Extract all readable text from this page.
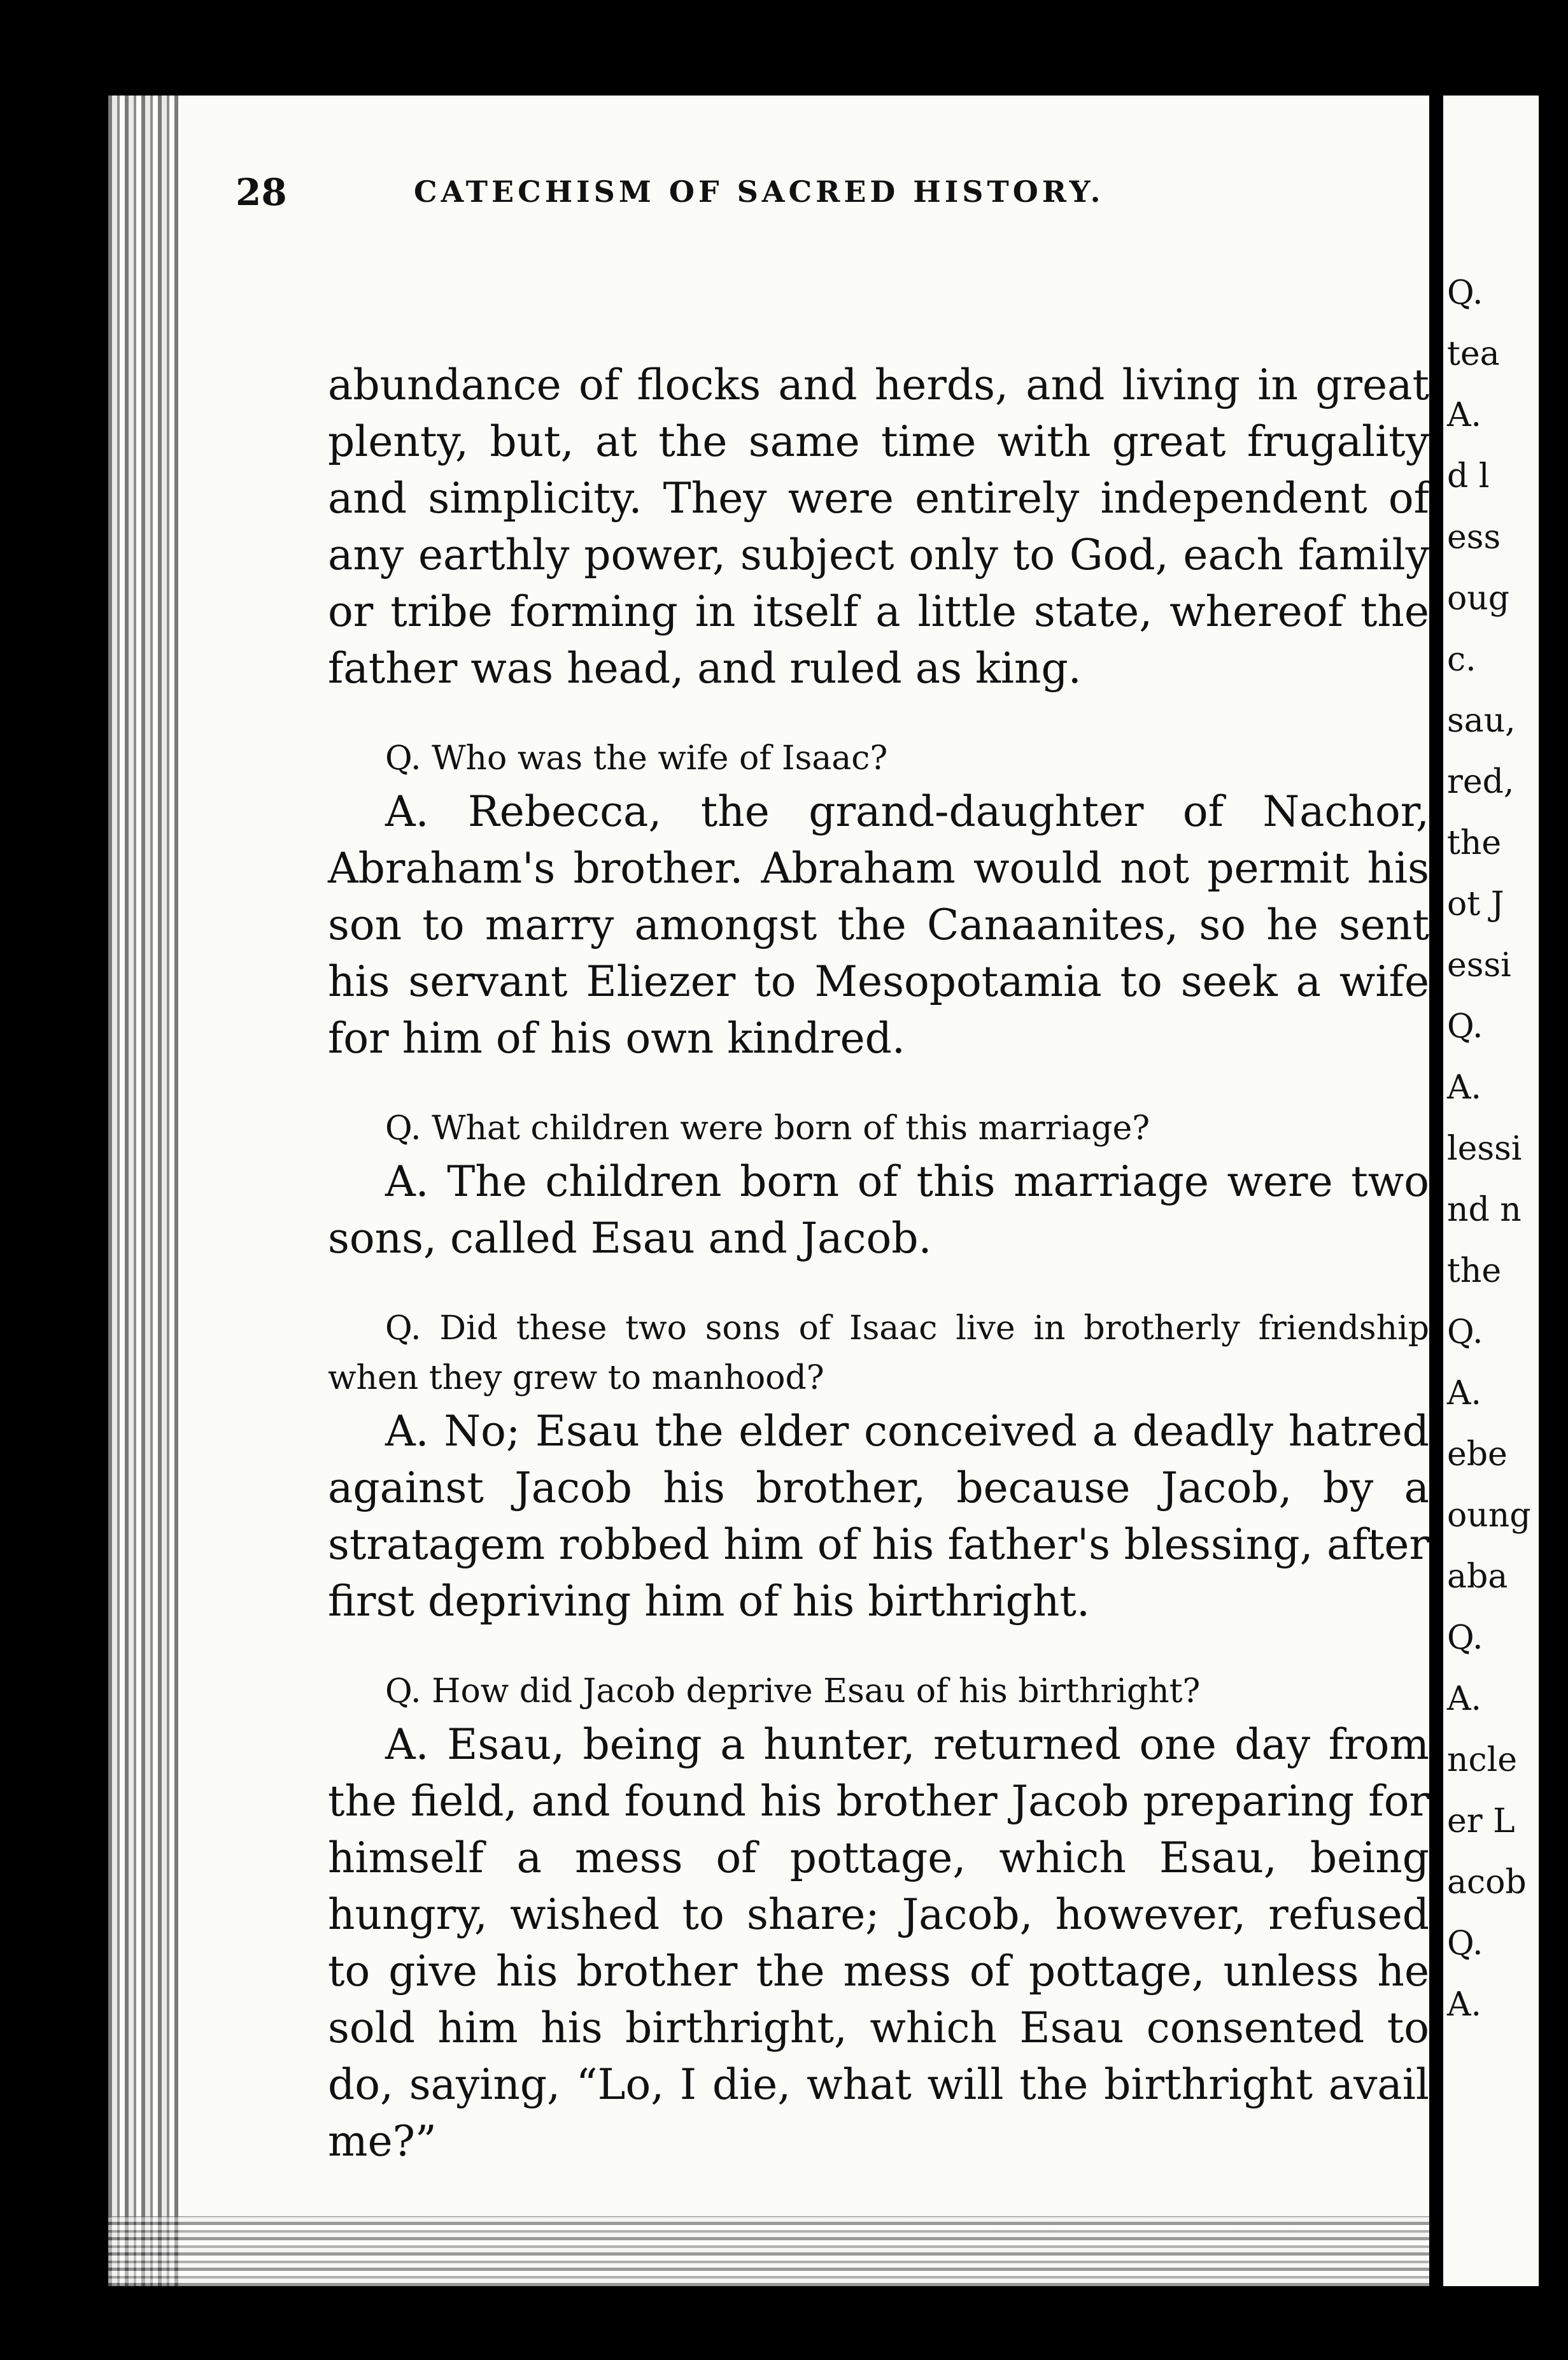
28	CATECHISM OF SACRED HISTORY.

abundance of flocks and herds, and living in great plenty, but, at the same time with great frugality and simplicity. They were entirely independent of any earthly power, subject only to God, each family or tribe forming in itself a little state, whereof the father was head, and ruled as king.

Q. Who was the wife of Isaac?

A. Rebecca, the grand-daughter of Nachor, Abraham's brother. Abraham would not permit his son to marry amongst the Canaanites, so he sent his servant Eliezer to Mesopotamia to seek a wife for him of his own kindred.

Q. What children were born of this marriage?

A. The children born of this marriage were two sons, called Esau and Jacob.

Q. Did these two sons of Isaac live in brotherly friendship when they grew to manhood?

A. No; Esau the elder conceived a deadly hatred against Jacob his brother, because Jacob, by a stratagem robbed him of his father's blessing, after first depriving him of his birthright.

Q. How did Jacob deprive Esau of his birthright?

A. Esau, being a hunter, returned one day from the field, and found his brother Jacob preparing for himself a mess of pottage, which Esau, being hungry, wished to share; Jacob, however, refused to give his brother the mess of pottage, unless he sold him his birthright, which Esau consented to do, saying, “Lo, I die, what will the birthright avail me?”

Q.
tea
A.
d l
ess
oug
c.
sau,
red,
the
ot J
essi
Q.
A.
lessi
nd n
the
Q.
A.
ebe
oung
aba
Q.
A.
ncle
er L
acob
Q.
A.
